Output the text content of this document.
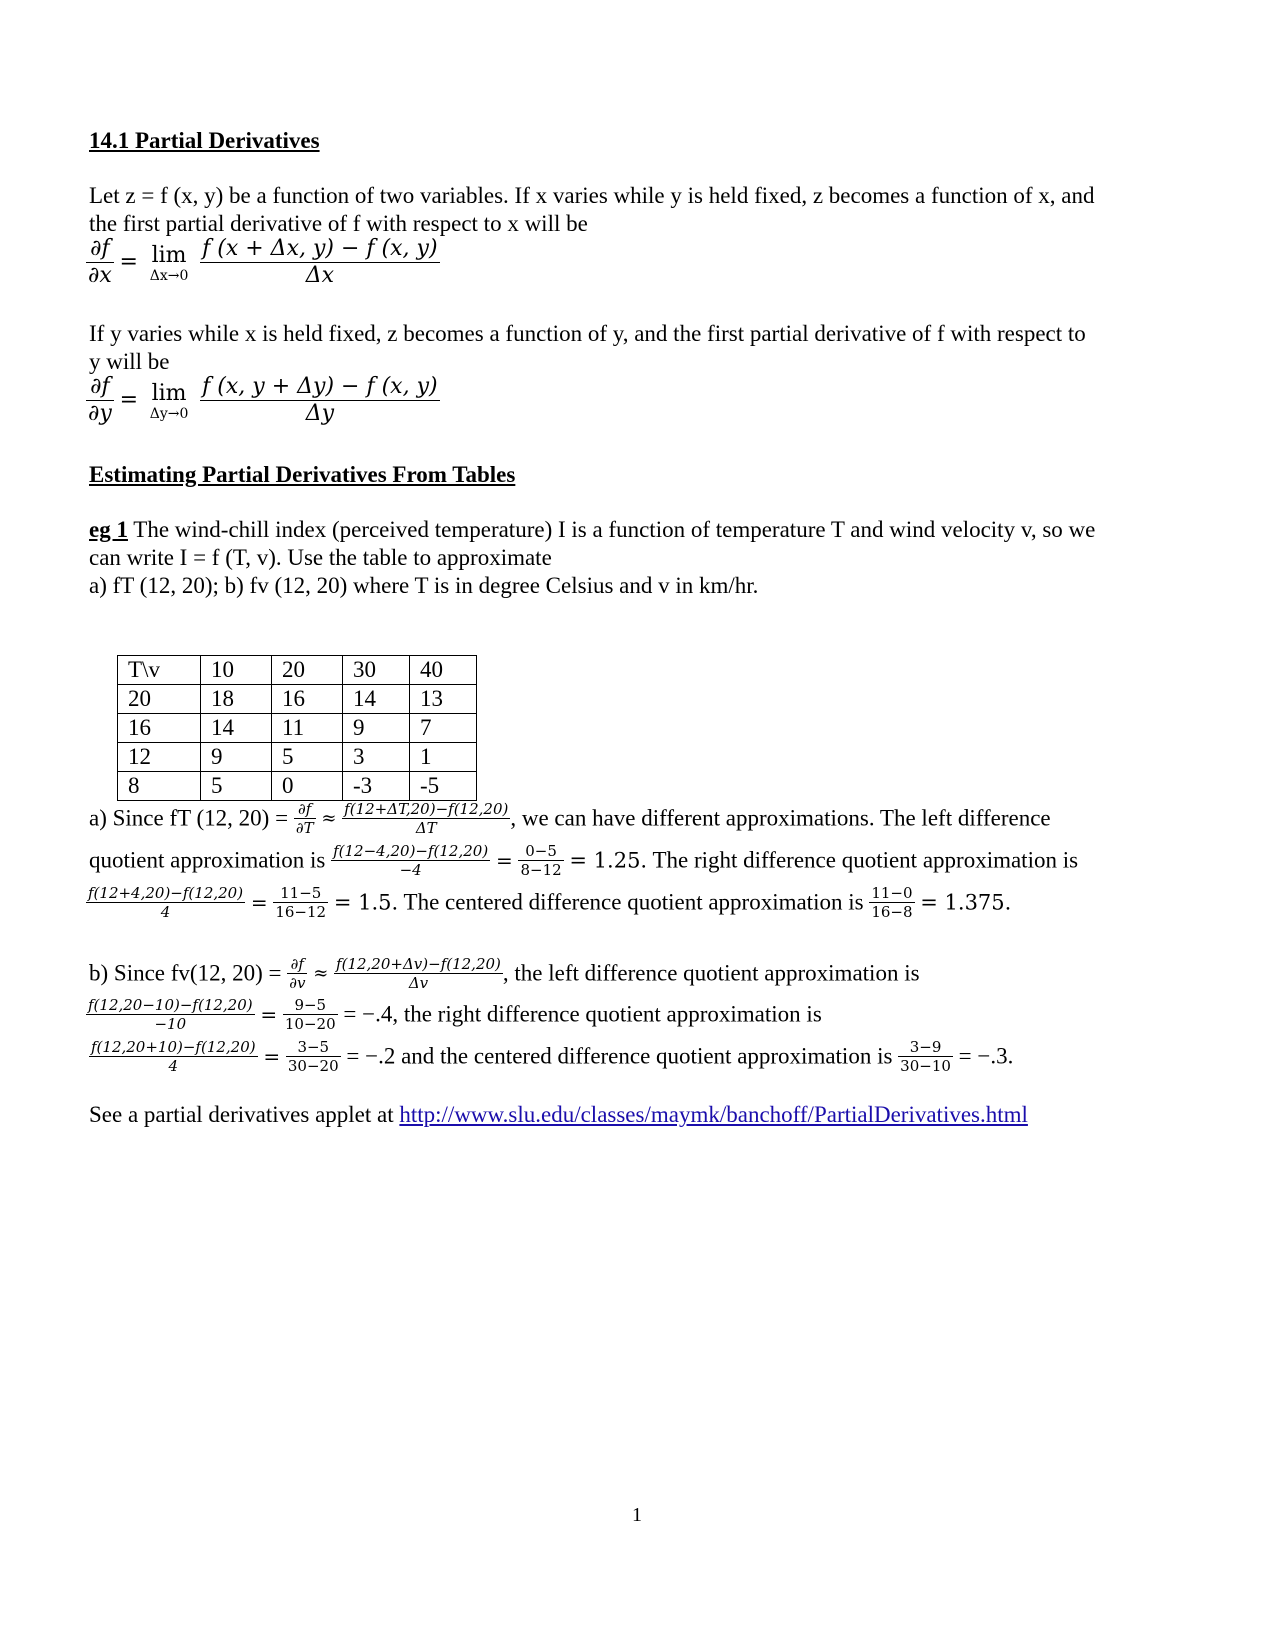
14.1 Partial Derivatives
Let z = f (x, y) be a function of two variables. If x varies while y is held fixed, z becomes a function of x, and
the first partial derivative of f with respect to x will be
$\frac{\partial f}{\partial x} = \lim$
Δx→0
$\frac{f (x + \Delta x, y) - f (x, y)}{\Delta x}$
If y varies while x is held fixed, z becomes a function of y, and the first partial derivative of f with respect to
y will be
$\frac{\partial f}{\partial y} = \lim$
Δy→0
$\frac{f (x, y + \Delta y) - f (x, y)}{\Delta y}$
Estimating Partial Derivatives From Tables
eg 1 The wind-chill index (perceived temperature) I is a function of temperature T and wind velocity v, so we
can write I = f (T, v). Use the table to approximate
a) fT (12, 20); b) fv (12, 20) where T is in degree Celsius and v in km/hr.
T\v	10	20	30	40
20	18	16	14	13
16	14	11	9	7
12	9	5	3	1
8	5	0	-3	-5
a) Since fT (12, $20) = \frac{\partial f}{\partial T} \approx \frac{f(12+\Delta T,20)-f(12,20)}{\Delta T}$ , we can have different approximations. The left difference
quotient approximation is $\frac{f(12-4,20)-f(12,20)}{-4} = \frac{0-5}{8-12} = 1.25$. The right difference quotient approximation is
$\frac{f(12+4,20)-f(12,20)}{4} = \frac{11-5}{16-12} = 1.5$. The centered difference quotient approximation is $\frac{11-0}{16-8} = 1.375$.
b) Since fv(12, $20) = \frac{\partial f}{\partial v} \approx \frac{f(12,20+\Delta v)-f(12,20)}{\Delta v}$ , the left difference quotient approximation is
$\frac{f(12,20-10)-f(12,20)}{-10} = \frac{9-5}{10-20} = -.4$, the right difference quotient approximation is
$\frac{f(12,20+10)-f(12,20)}{4} = \frac{3-5}{30-20} = -.2$ and the centered difference quotient approximation is $\frac{3-9}{30-10} = -.3$.
See a partial derivatives applet at http://www.slu.edu/classes/maymk/banchoff/PartialDerivatives.html
1
